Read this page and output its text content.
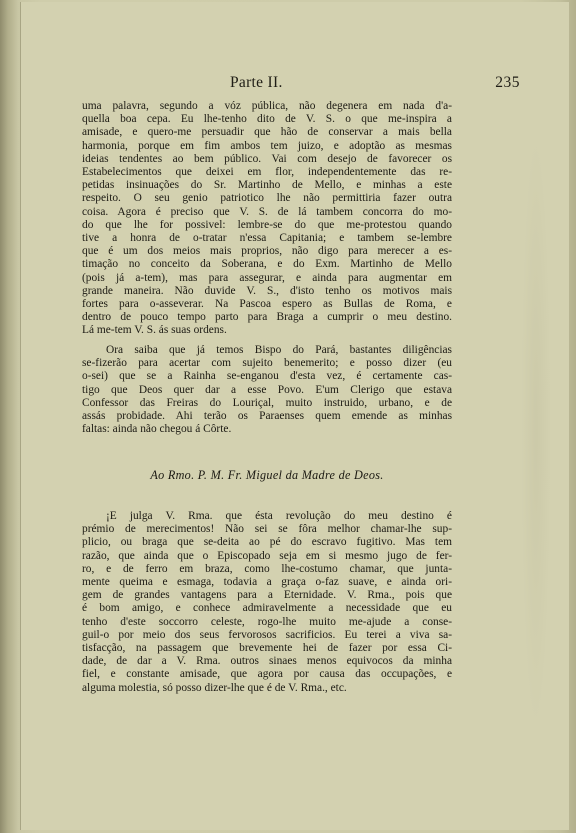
Parte II.	235
uma palavra, segundo a vóz pública, não degenera em nada d'a-
quella boa cepa. Eu lhe-tenho dito de V. S. o que me-inspira a
amisade, e quero-me persuadir que hão de conservar a mais bella
harmonia, porque em fim ambos tem juizo, e adoptão as mesmas
ideias tendentes ao bem público. Vai com desejo de favorecer os
Estabelecimentos que deixei em flor, independentemente das re-
petidas insinuações do Sr. Martinho de Mello, e minhas a este
respeito. O seu genio patriotico lhe não permittiria fazer outra
coisa. Agora é preciso que V. S. de lá tambem concorra do mo-
do que lhe for possivel: lembre-se do que me-protestou quando
tive a honra de o-tratar n'essa Capitania; e tambem se-lembre
que é um dos meios mais proprios, não digo para merecer a es-
timação no conceito da Soberana, e do Exm. Martinho de Mello
(pois já a-tem), mas para assegurar, e ainda para augmentar em
grande maneira. Não duvide V. S., d'isto tenho os motivos mais
fortes para o-asseverar. Na Pascoa espero as Bullas de Roma, e
dentro de pouco tempo parto para Braga a cumprir o meu destino.
Lá me-tem V. S. ás suas ordens.
Ora saiba que já temos Bispo do Pará, bastantes diligências
se-fizerão para acertar com sujeito benemerito; e posso dizer (eu
o-sei) que se a Rainha se-enganou d'esta vez, é certamente cas-
tigo que Deos quer dar a esse Povo. E'um Clerigo que estava
Confessor das Freiras do Louriçal, muito instruido, urbano, e de
assás probidade. Ahi terão os Paraenses quem emende as minhas
faltas: ainda não chegou á Côrte.
Ao Rmo. P. M. Fr. Miguel da Madre de Deos.
¡E julga V. Rma. que ésta revolução do meu destino é
prémio de merecimentos! Não sei se fôra melhor chamar-lhe sup-
plicio, ou braga que se-deita ao pé do escravo fugitivo. Mas tem
razão, que ainda que o Episcopado seja em si mesmo jugo de fer-
ro, e de ferro em braza, como lhe-costumo chamar, que junta-
mente queima e esmaga, todavia a graça o-faz suave, e ainda ori-
gem de grandes vantagens para a Eternidade. V. Rma., pois que
é bom amigo, e conhece admiravelmente a necessidade que eu
tenho d'este soccorro celeste, rogo-lhe muito me-ajude a conse-
guil-o por meio dos seus fervorosos sacrificios. Eu terei a viva sa-
tisfacção, na passagem que brevemente hei de fazer por essa Ci-
dade, de dar a V. Rma. outros sinaes menos equivocos da minha
fiel, e constante amisade, que agora por causa das occupações, e
alguma molestia, só posso dizer-lhe que é de V. Rma., etc.
